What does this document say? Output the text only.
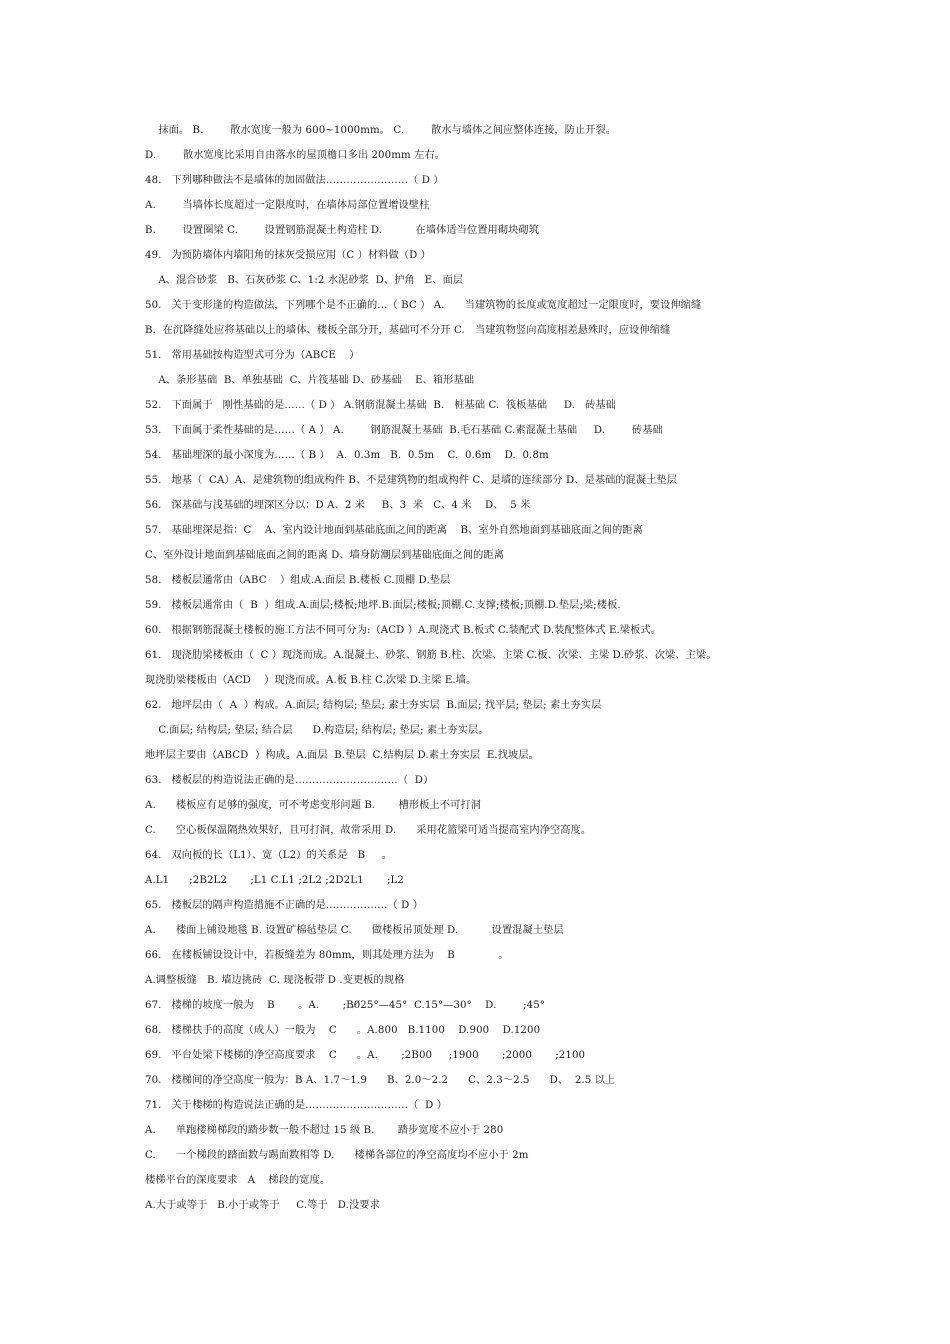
抹面。 B.        散水宽度一般为 600~1000mm。 C.        散水与墙体之间应整体连接，防止开裂。
D.        散水宽度比采用自由落水的屋顶檐口多出 200mm 左右。
48.   下列哪种做法不是墙体的加固做法……………………（ D ）
A.        当墙体长度超过一定限度时，在墙体局部位置增设壁柱
B.        设置圈梁 C.        设置钢筋混凝土构造柱 D.          在墙体适当位置用砌块砌筑
49.   为预防墙体内墙阳角的抹灰受损应用（C ）材料做（D ）
A、混合砂浆   B、石灰砂浆 C、1:2 水泥砂浆  D、护角   E、面层
50.   关于变形逢的构造做法，下列哪个是不正确的…（ BC ） A.      当建筑物的长度或宽度超过一定限度时，要设伸缩缝
B.  在沉降缝处应将基础以上的墙体、楼板全部分开，基础可不分开 C.   当建筑物竖向高度相差悬殊时，应设伸缩缝
51.   常用基础按构造型式可分为（ABCE    ）
A、条形基础  B、单独基础  C、片筏基础 D、砂基础    E、箱形基础
52.   下面属于   刚性基础的是……（ D ） A.钢筋混凝土基础  B.   桩基础 C.  筏板基础     D.   砖基础
53.   下面属于柔性基础的是……（ A ） A.        钢筋混凝土基础  B.毛石基础 C.素混凝土基础     D.        砖基础
54.   基础埋深的最小深度为……（ B ）  A.  0.3m   B.  0.5m    C.  0.6m    D.  0.8m
55.   地基（  CA）A、是建筑物的组成构件 B、不是建筑物的组成构件 C、是墙的连续部分 D、是基础的混凝土垫层
56.   深基础与浅基础的埋深区分以：D A、2 米     B、3  米   C、4 米    D、  5 米
57.   基础埋深是指：C    A、室内设计地面到基础底面之间的距离    B、室外自然地面到基础底面之间的距离
C、室外设计地面到基础底面之间的距离 D、墙身防潮层到基础底面之间的距离
58.   楼板层通常由（ABC    ）组成.A.面层 B.楼板 C.顶棚 D.垫层
59.   楼板层通常由（  B  ）组成.A.面层;楼板;地坪.B.面层;楼板;顶棚.C.支撑;楼板;顶棚.D.垫层;梁;楼板.
60.   根据钢筋混凝土楼板的施工方法不同可分为:（ACD ）A.现浇式 B.板式 C.装配式 D.装配整体式 E.梁板式。
61.   现浇肋梁楼板由（  C ）现浇而成。A.混凝土、砂浆、钢筋 B.柱、次梁、主梁 C.板、次梁、主梁 D.砂浆、次梁、主梁。
现浇肋梁楼板由（ACD    ）现浇而成。A.板 B.柱 C.次梁 D.主梁 E.墙。
62.   地坪层由（  A  ）构成。A.面层; 结构层; 垫层; 素土夯实层  B.面层; 找平层; 垫层; 素土夯实层
C.面层; 结构层; 垫层; 结合层      D.构造层; 结构层; 垫层; 素土夯实层。
地坪层主要由（ABCD  ）构成。A.面层  B.垫层  C.结构层 D.素土夯实层  E.找坡层。
63.   楼板层的构造说法正确的是…………………………（  D）
A.      楼板应有足够的强度，可不考虑变形问题 B.       槽形板上不可打洞
C.      空心板保温隔热效果好，且可打洞，故常采用 D.      采用花篮梁可适当提高室内净空高度。
64.   双向板的长（L1）、宽（L2）的关系是   B     。
A.L1      ;2B2L2       ;L1 C.L1 ;2L2 ;2D2L1       ;L2
65.   楼板层的隔声构造措施不正确的是………………（ D ）
A.      楼面上铺设地毯 B. 设置矿棉毡垫层 C.      做楼板吊顶处理 D.          设置混凝土垫层
66.   在楼板铺设设计中，若板缝差为 80mm，则其处理方法为    B             。
A.调整板缝   B. 墙边挑砖  C. 现浇板带 D .变更板的规格
67.   楼梯的坡度一般为    B       。A.       ;B0̸25°—45°  C.15°—30°    D.        ;45°
68.   楼梯扶手的高度（成人）一般为    C      。A.800   B.1100    D.900    D.1200
69.   平台处梁下楼梯的净空高度要求    C      。A.       ;2B00     ;1900       ;2000       ;2100
70.   楼梯间的净空高度一般为：B A、1.7～1.9      B、2.0～2.2      C、2.3～2.5      D、  2.5 以上
71.   关于楼梯的构造说法正确的是…………………………（  D ）
A.      单跑楼梯梯段的踏步数一般不超过 15 级 B.       踏步宽度不应小于 280
C.      一个梯段的踏面数与踢面数相等 D.      楼梯各部位的净空高度均不应小于 2m
楼梯平台的深度要求   A    梯段的宽度。
A.大于或等于   B.小于或等于     C.等于   D.没要求
